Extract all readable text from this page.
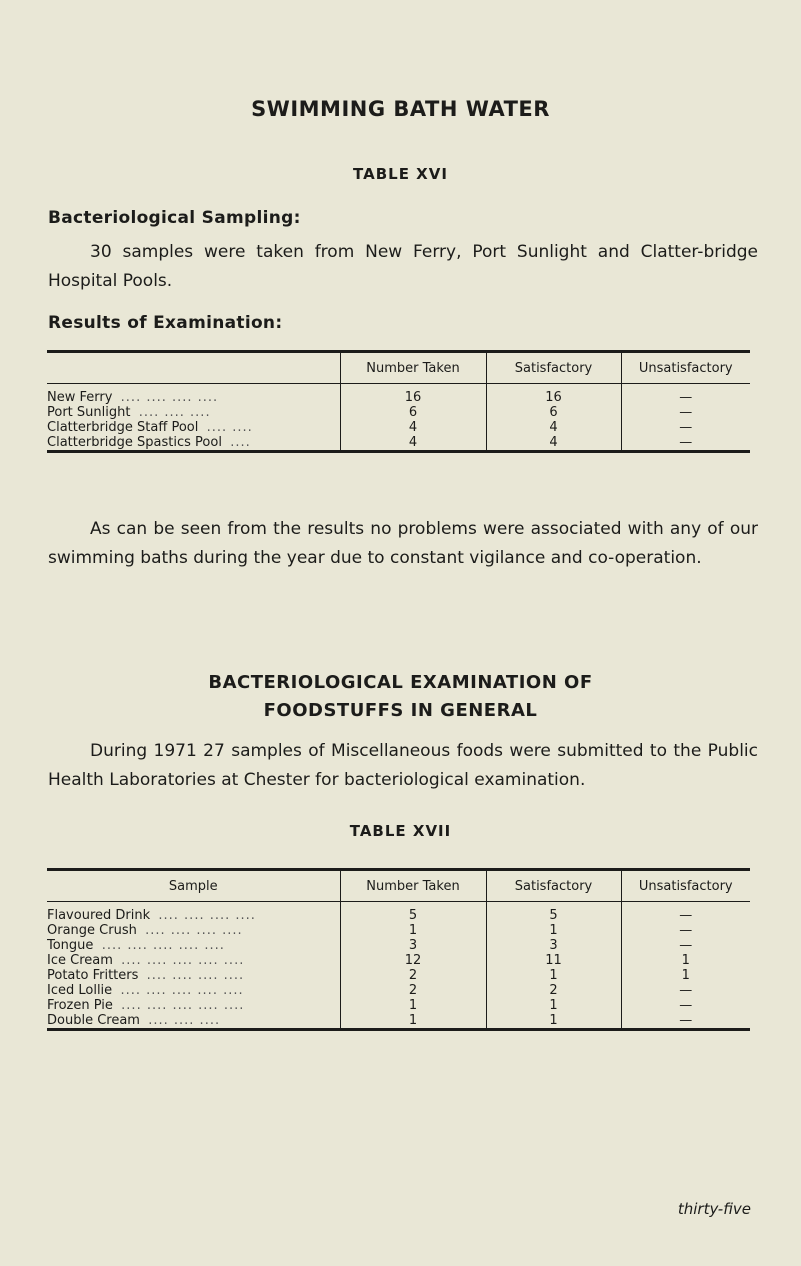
SWIMMING BATH WATER
TABLE XVI
Bacteriological Sampling:

30 samples were taken from New Ferry, Port Sunlight and Clatter-bridge Hospital Pools.

Results of Examination:
	Number Taken	Satisfactory	Unsatisfactory
New Ferry .... .... .... ....	16	16	—
Port Sunlight .... .... ....	6	6	—
Clatterbridge Staff Pool .... ....	4	4	—
Clatterbridge Spastics Pool ....	4	4	—

As can be seen from the results no problems were associated with any of our swimming baths during the year due to constant vigilance and co-operation.

BACTERIOLOGICAL EXAMINATION OF
FOODSTUFFS IN GENERAL

During 1971 27 samples of Miscellaneous foods were submitted to the Public Health Laboratories at Chester for bacteriological examination.

TABLE XVII
Sample	Number Taken	Satisfactory	Unsatisfactory
Flavoured Drink .... .... .... ....	5	5	—
Orange Crush .... .... .... ....	1	1	—
Tongue .... .... .... .... ....	3	3	—
Ice Cream .... .... .... .... ....	12	11	1
Potato Fritters .... .... .... ....	2	1	1
Iced Lollie .... .... .... .... ....	2	2	—
Frozen Pie .... .... .... .... ....	1	1	—
Double Cream .... .... ....	1	1	—
thirty-five
